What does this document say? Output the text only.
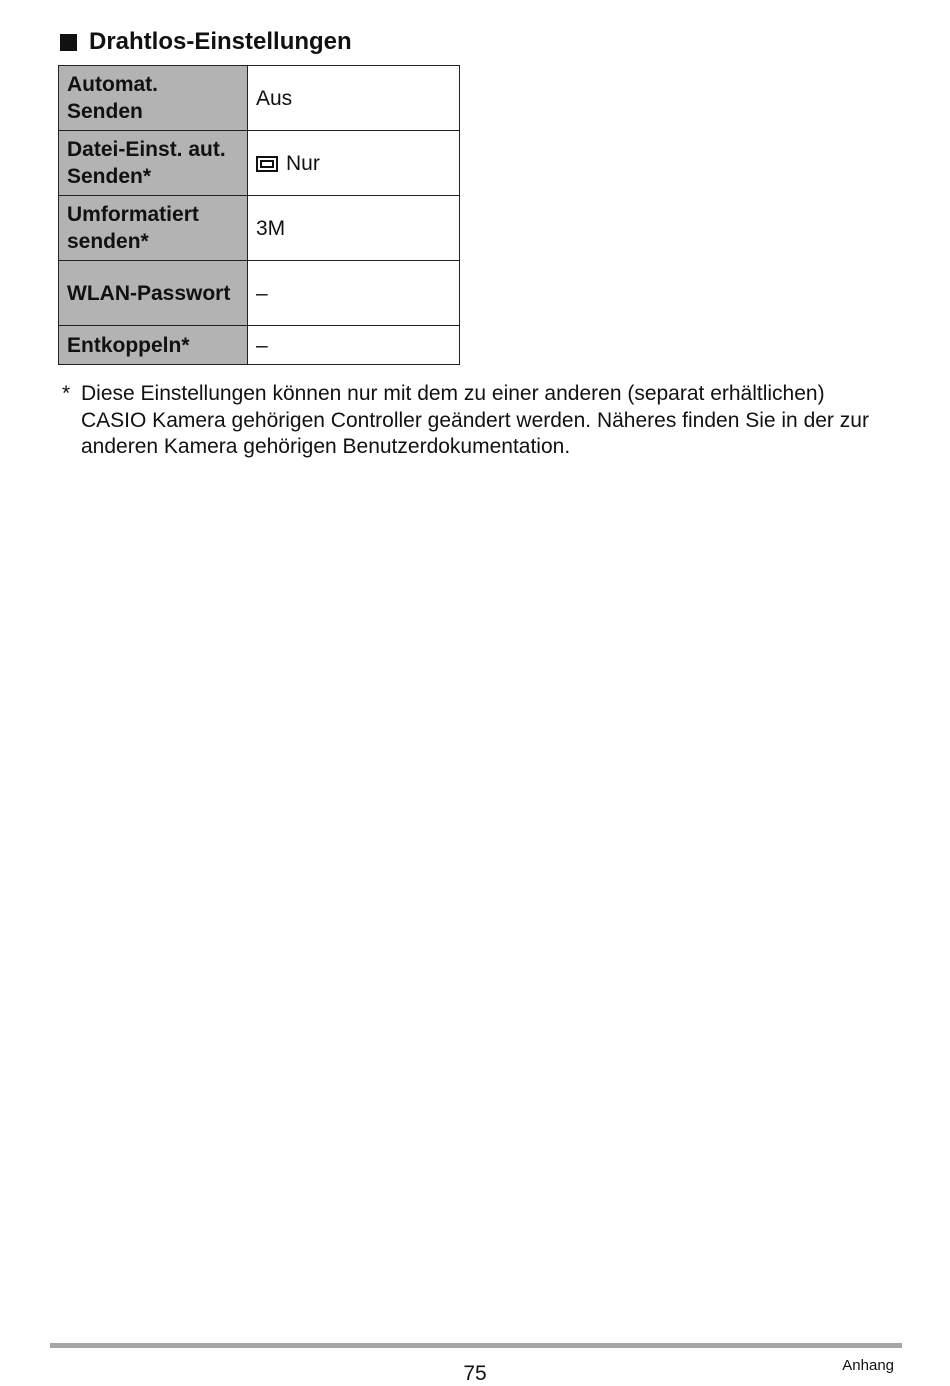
Drahtlos-Einstellungen
Automat. Senden	Aus
Datei-Einst. aut. Senden*	Nur
Umformatiert senden*	3M
WLAN-Passwort	–
Entkoppeln*	–
* Diese Einstellungen können nur mit dem zu einer anderen (separat erhältlichen) CASIO Kamera gehörigen Controller geändert werden. Näheres finden Sie in der zur anderen Kamera gehörigen Benutzerdokumentation.
75	Anhang
